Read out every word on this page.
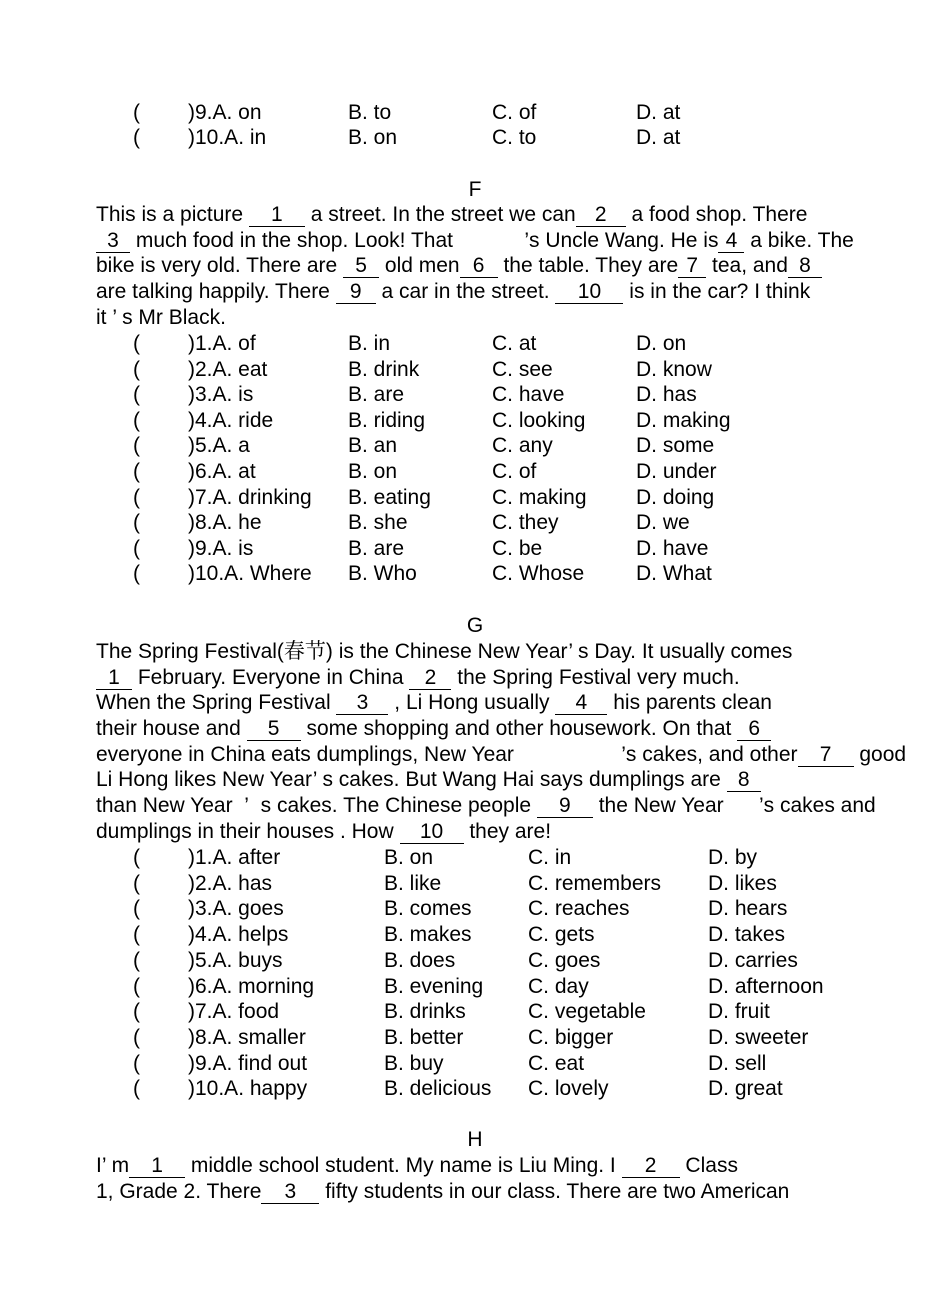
( )9.A. on	B. to	C. of	D. at
( )10.A. in	B. on	C. to	D. at
F
This is a picture 1 a street. In the street we can 2 a food shop. There
3 much food in the shop. Look! That	’s Uncle Wang. He is 4 a bike. The
bike is very old. There are 5 old men 6 the table. They are 7 tea, and 8
are talking happily. There 9 a car in the street. 10 is in the car? I think
it ’ s Mr Black.
( )1.A. of	B. in	C. at	D. on
( )2.A. eat	B. drink	C. see	D. know
( )3.A. is	B. are	C. have	D. has
( )4.A. ride	B. riding	C. looking D. making
( )5.A. a	B. an	C. any	D. some
( )6.A. at	B. on	C. of	D. under
( )7.A. drinking B. eating	C. making D. doing
( )8.A. he	B. she	C. they	D. we
( )9.A. is	B. are	C. be	D. have
( )10.A. Where B. Who	C. Whose D. What
G
The Spring Festival(春节) is the Chinese New Year’ s Day. It usually comes
1 February. Everyone in China 2 the Spring Festival very much.
When the Spring Festival 3 , Li Hong usually 4 his parents clean
their house and 5 some shopping and other housework. On that 6
everyone in China eats dumplings, New Year	’s cakes, and other 7 good
Li Hong likes New Year’ s cakes. But Wang Hai says dumplings are 8
than New Year ’ s cakes. The Chinese people 9 the New Year ’s cakes and
dumplings in their houses . How 10 they are!
( )1.A. after	B. on	C. in	D. by
( )2.A. has	B. like	C. remembers D. likes
( )3.A. goes	B. comes	C. reaches	D. hears
( )4.A. helps	B. makes	C. gets	D. takes
( )5.A. buys	B. does	C. goes	D. carries
( )6.A. morning	B. evening C. day	D. afternoon
( )7.A. food	B. drinks	C. vegetable	D. fruit
( )8.A. smaller	B. better	C. bigger	D. sweeter
( )9.A. find out	B. buy	C. eat	D. sell
( )10.A. happy	B. delicious C. lovely	D. great
H
I’ m 1 middle school student. My name is Liu Ming. I 2 Class
1, Grade 2. There 3 fifty students in our class. There are two American
